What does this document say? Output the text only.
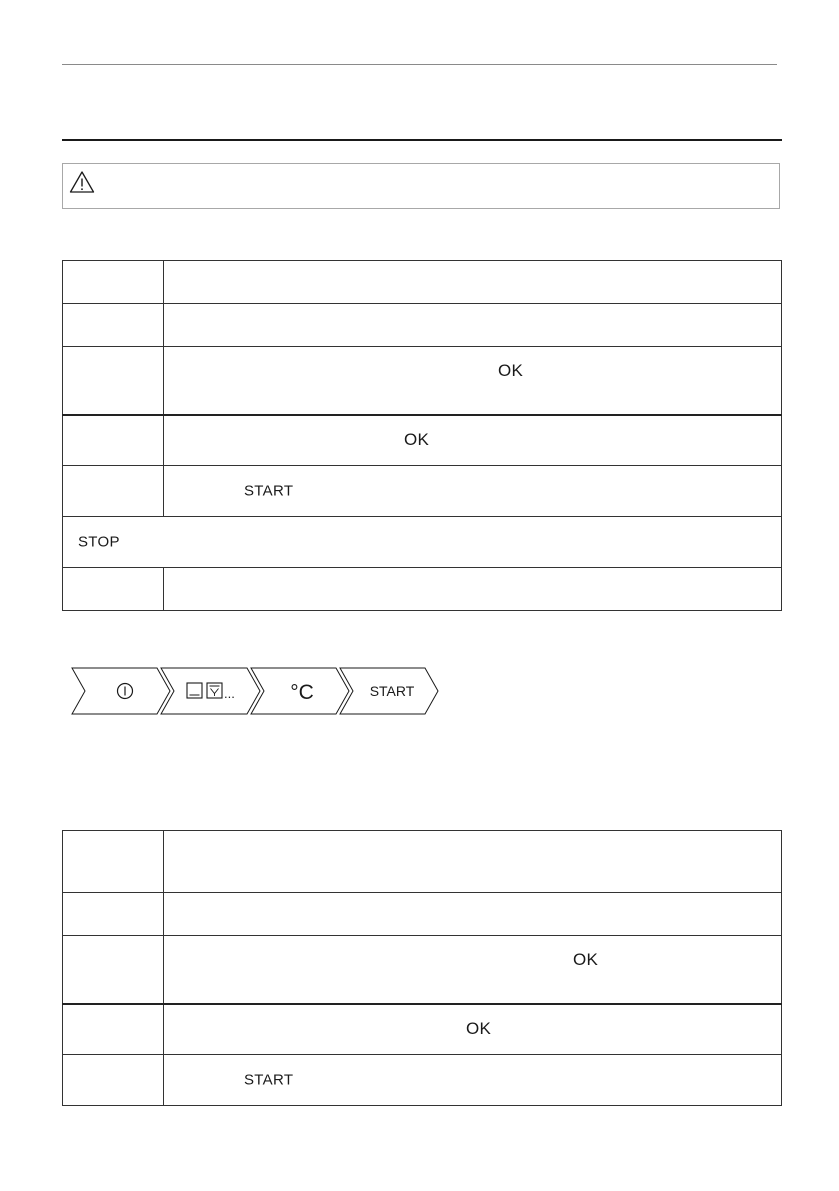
	OK

	OK

	START

STOP	

...	°C	START

	OK

	OK

	START
